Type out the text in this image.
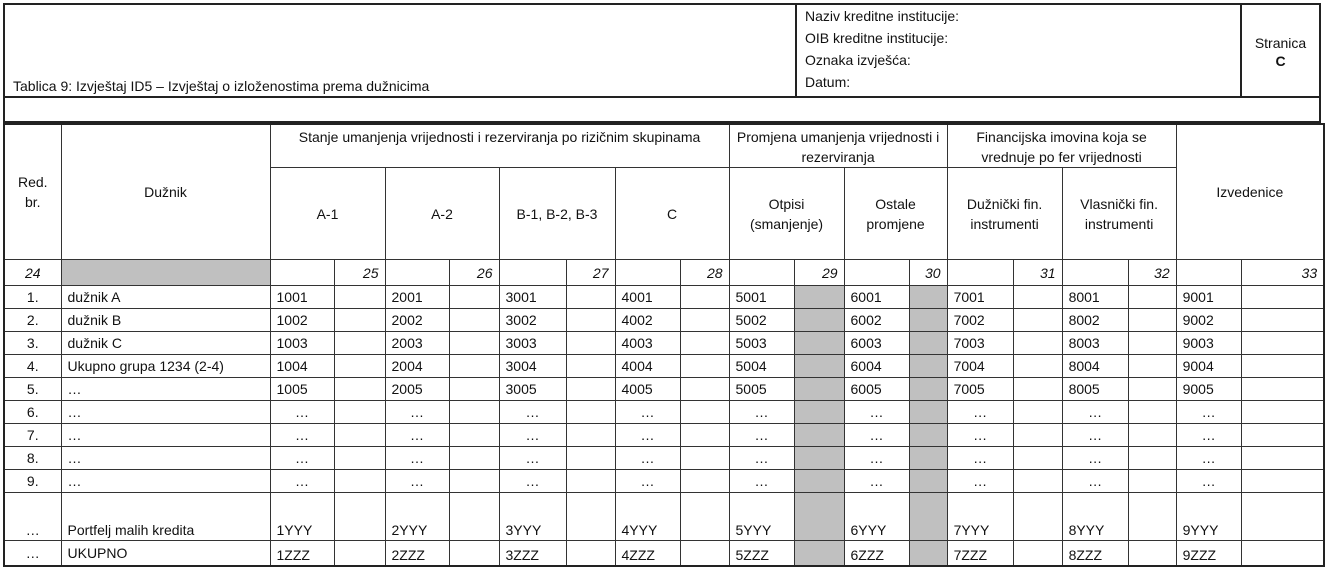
Tablica 9: Izvještaj ID5 – Izvještaj o izloženostima prema dužnicima
Naziv kreditne institucije:
OIB kreditne institucije:
Oznaka izvješća:
Datum:
Stranica
C
Red. br.	Dužnik	Stanje umanjenja vrijednosti i rezerviranja po rizičnim skupinama								Promjena umanjenja vrijednosti i rezerviranja				Financijska imovina koja se vrednuje po fer vrijednosti				Izvedenice	
		A-1		A-2		B-1, B-2, B-3		C		Otpisi (smanjenje)		Ostale promjene		Dužnički fin. instrumenti		Vlasnički fin. instrumenti			
24			25		26		27		28		29		30		31		32		33
1.	dužnik A	1001		2001		3001		4001		5001		6001		7001		8001		9001	
2.	dužnik B	1002		2002		3002		4002		5002		6002		7002		8002		9002	
3.	dužnik C	1003		2003		3003		4003		5003		6003		7003		8003		9003	
4.	Ukupno grupa 1234 (2-4)	1004		2004		3004		4004		5004		6004		7004		8004		9004	
5.	…	1005		2005		3005		4005		5005		6005		7005		8005		9005	
6.	…	…		…		…		…		…		…		…		…		…	
7.	…	…		…		…		…		…		…		…		…		…	
8.	…	…		…		…		…		…		…		…		…		…	
9.	…	…		…		…		…		…		…		…		…		…	
…	Portfelj malih kredita	1YYY		2YYY		3YYY		4YYY		5YYY		6YYY		7YYY		8YYY		9YYY	
…	UKUPNO	1ZZZ		2ZZZ		3ZZZ		4ZZZ		5ZZZ		6ZZZ		7ZZZ		8ZZZ		9ZZZ	
